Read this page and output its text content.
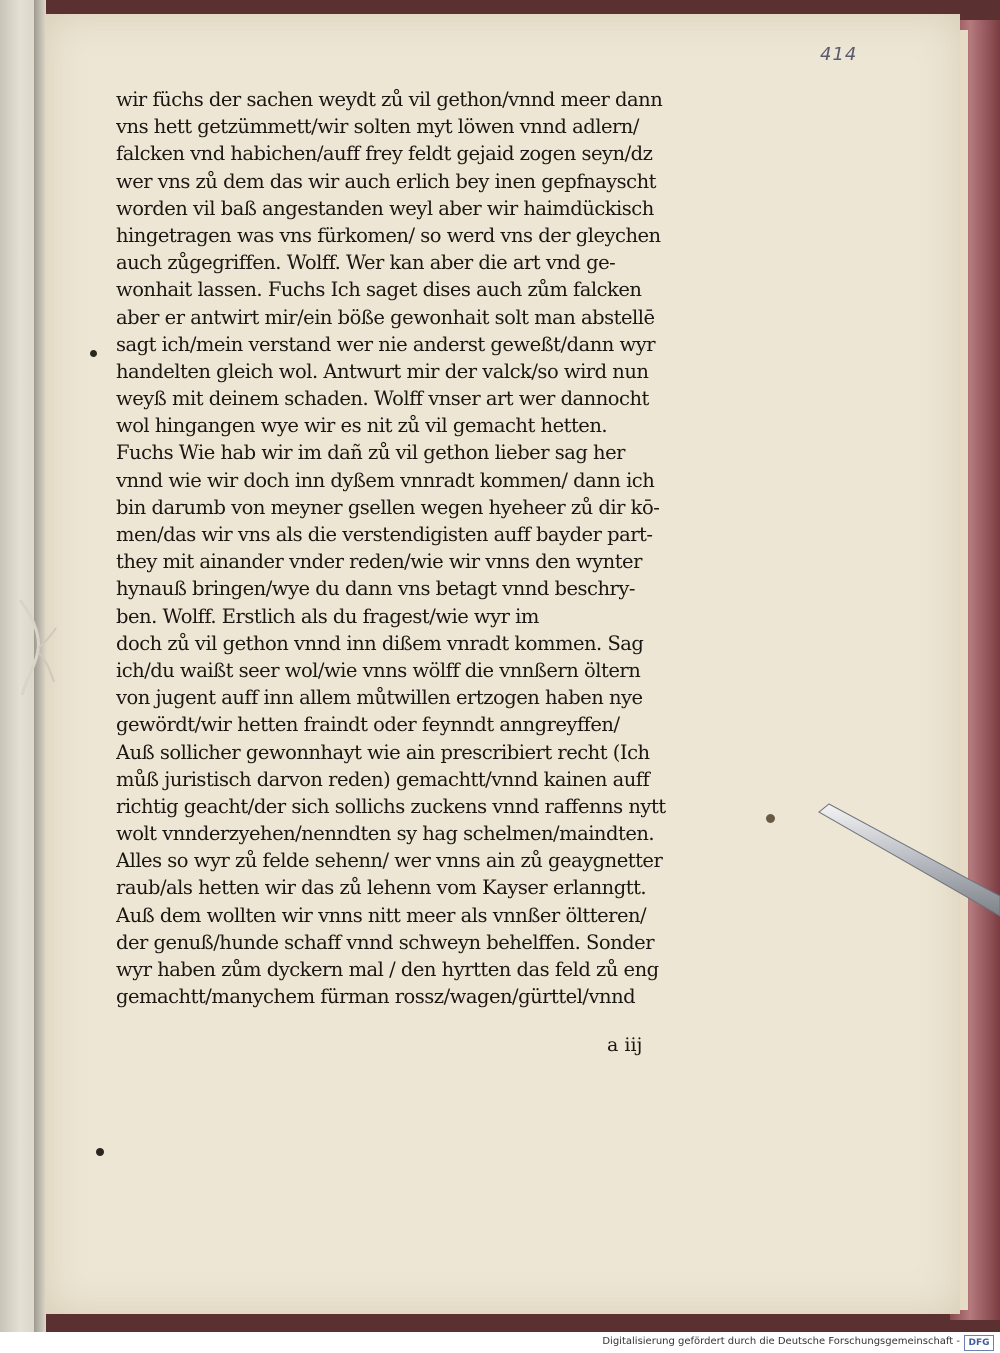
414
wir füchs der sachen weydt zů vil gethon/vnnd meer dann
vns hett getzümmett/wir solten myt löwen vnnd adlern/
falcken vnd habichen/auff frey feldt gejaid zogen seyn/dz
wer vns zů dem das wir auch erlich bey inen gepfnayscht
worden vil baß angestanden weyl aber wir haimdückisch
hingetragen was vns fürkomen/ so werd vns der gleychen
auch zůgegriffen. Wolff. Wer kan aber die art vnd ge-
wonhait lassen. Fuchs Ich saget dises auch zům falcken
aber er antwirt mir/ein böße gewonhait solt man abstellē
sagt ich/mein verstand wer nie anderst geweßt/dann wyr
handelten gleich wol. Antwurt mir der valck/so wird nun
weyß mit deinem schaden. Wolff vnser art wer dannocht
wol hingangen wye wir es nit zů vil gemacht hetten.
Fuchs Wie hab wir im dañ zů vil gethon lieber sag her
vnnd wie wir doch inn dyßem vnnradt kommen/ dann ich
bin darumb von meyner gsellen wegen hyeheer zů dir kō-
men/das wir vns als die verstendigisten auff bayder part-
they mit ainander vnder reden/wie wir vnns den wynter
hynauß bringen/wye du dann vns betagt vnnd beschry-
ben. Wolff. Erstlich als du fragest/wie wyr im
doch zů vil gethon vnnd inn dißem vnradt kommen. Sag
ich/du waißt seer wol/wie vnns wölff die vnnßern öltern
von jugent auff inn allem můtwillen ertzogen haben nye
gewördt/wir hetten fraindt oder feynndt anngreyffen/
Auß sollicher gewonnhayt wie ain prescribiert recht (Ich
můß juristisch darvon reden) gemachtt/vnnd kainen auff
richtig geacht/der sich sollichs zuckens vnnd raffenns nytt
wolt vnnderzyehen/nenndten sy hag schelmen/maindten.
Alles so wyr zů felde sehenn/ wer vnns ain zů geaygnetter
raub/als hetten wir das zů lehenn vom Kayser erlanngtt.
Auß dem wollten wir vnns nitt meer als vnnßer öltteren/
der genuß/hunde schaff vnnd schweyn behelffen. Sonder
wyr haben zům dyckern mal / den hyrtten das feld zů eng
gemachtt/manychem fürman rossz/wagen/gürttel/vnnd
a iij
Digitalisierung gefördert durch die Deutsche Forschungsgemeinschaft - DFG
